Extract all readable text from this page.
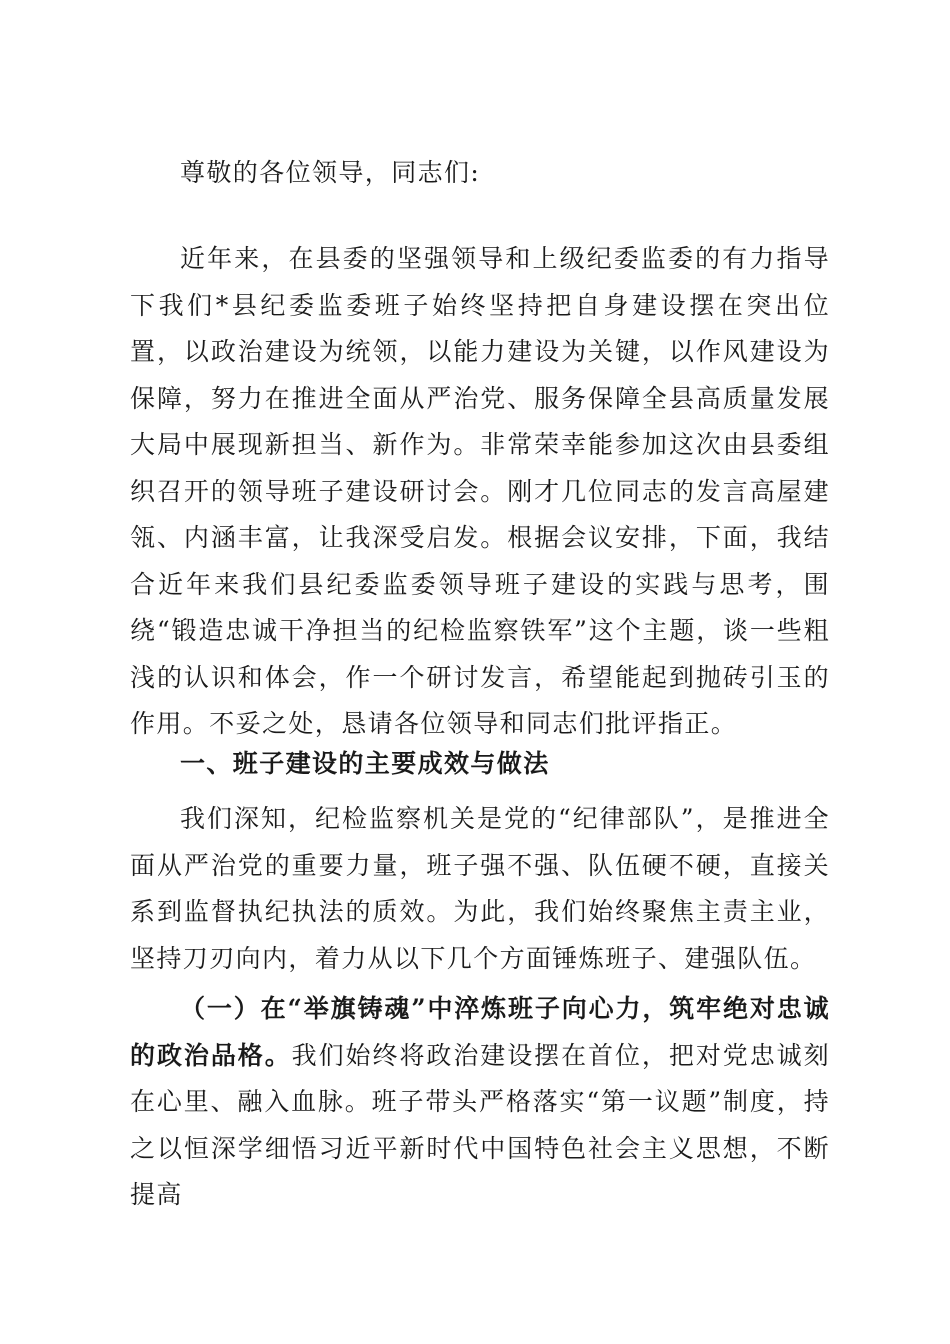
尊敬的各位领导，同志们:

近年来，在县委的坚强领导和上级纪委监委的有力指导下我们*县纪委监委班子始终坚持把自身建设摆在突出位置，以政治建设为统领，以能力建设为关键，以作风建设为保障，努力在推进全面从严治党、服务保障全县高质量发展大局中展现新担当、新作为。非常荣幸能参加这次由县委组织召开的领导班子建设研讨会。刚才几位同志的发言高屋建瓴、内涵丰富，让我深受启发。根据会议安排，下面，我结合近年来我们县纪委监委领导班子建设的实践与思考，围绕“锻造忠诚干净担当的纪检监察铁军”这个主题，谈一些粗浅的认识和体会，作一个研讨发言，希望能起到抛砖引玉的作用。不妥之处，恳请各位领导和同志们批评指正。

一、班子建设的主要成效与做法

我们深知，纪检监察机关是党的“纪律部队”，是推进全面从严治党的重要力量，班子强不强、队伍硬不硬，直接关系到监督执纪执法的质效。为此，我们始终聚焦主责主业，坚持刀刃向内，着力从以下几个方面锤炼班子、建强队伍。

（一）在“举旗铸魂”中淬炼班子向心力，筑牢绝对忠诚的政治品格。我们始终将政治建设摆在首位，把对党忠诚刻在心里、融入血脉。班子带头严格落实“第一议题”制度，持之以恒深学细悟习近平新时代中国特色社会主义思想，不断提高
